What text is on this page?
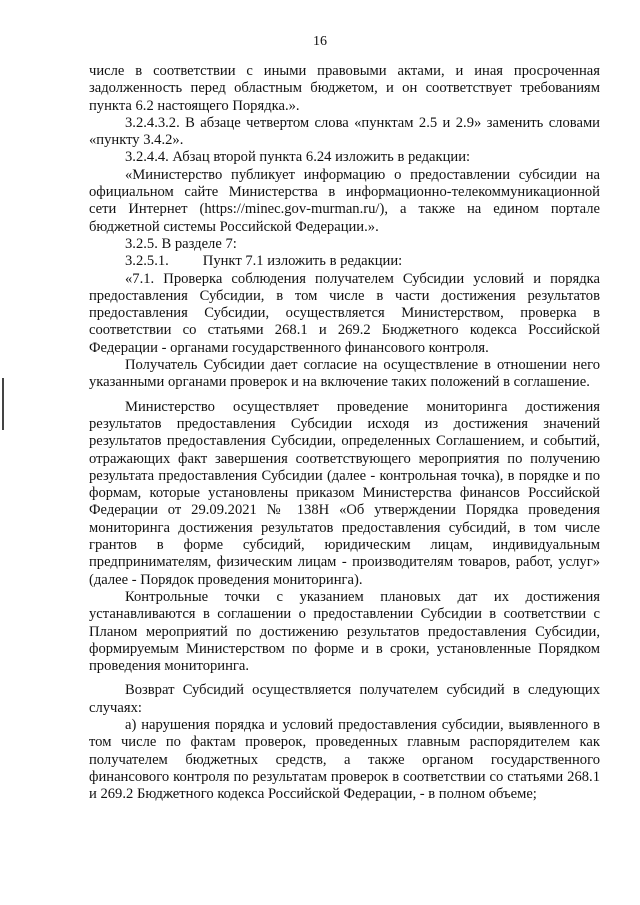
16

числе в соответствии с иными правовыми актами, и иная просроченная задолженность перед областным бюджетом, и он соответствует требованиям пункта 6.2 настоящего Порядка.».

3.2.4.3.2. В абзаце четвертом слова «пунктам 2.5 и 2.9» заменить словами «пункту 3.4.2».

3.2.4.4. Абзац второй пункта 6.24 изложить в редакции:

«Министерство публикует информацию о предоставлении субсидии на официальном сайте Министерства в информационно-телекоммуникационной сети Интернет (https://minec.gov-murman.ru/), а также на едином портале бюджетной системы Российской Федерации.».

3.2.5. В разделе 7:

3.2.5.1. Пункт 7.1 изложить в редакции:

«7.1. Проверка соблюдения получателем Субсидии условий и порядка предоставления Субсидии, в том числе в части достижения результатов предоставления Субсидии, осуществляется Министерством, проверка в соответствии со статьями 268.1 и 269.2 Бюджетного кодекса Российской Федерации - органами государственного финансового контроля.

Получатель Субсидии дает согласие на осуществление в отношении него указанными органами проверок и на включение таких положений в соглашение.

Министерство осуществляет проведение мониторинга достижения результатов предоставления Субсидии исходя из достижения значений результатов предоставления Субсидии, определенных Соглашением, и событий, отражающих факт завершения соответствующего мероприятия по получению результата предоставления Субсидии (далее - контрольная точка), в порядке и по формам, которые установлены приказом Министерства финансов Российской Федерации от 29.09.2021 № 138Н «Об утверждении Порядка проведения мониторинга достижения результатов предоставления субсидий, в том числе грантов в форме субсидий, юридическим лицам, индивидуальным предпринимателям, физическим лицам - производителям товаров, работ, услуг» (далее - Порядок проведения мониторинга).

Контрольные точки с указанием плановых дат их достижения устанавливаются в соглашении о предоставлении Субсидии в соответствии с Планом мероприятий по достижению результатов предоставления Субсидии, формируемым Министерством по форме и в сроки, установленные Порядком проведения мониторинга.

Возврат Субсидий осуществляется получателем субсидий в следующих случаях:

а) нарушения порядка и условий предоставления субсидии, выявленного в том числе по фактам проверок, проведенных главным распорядителем как получателем бюджетных средств, а также органом государственного финансового контроля по результатам проверок в соответствии со статьями 268.1 и 269.2 Бюджетного кодекса Российской Федерации, - в полном объеме;
